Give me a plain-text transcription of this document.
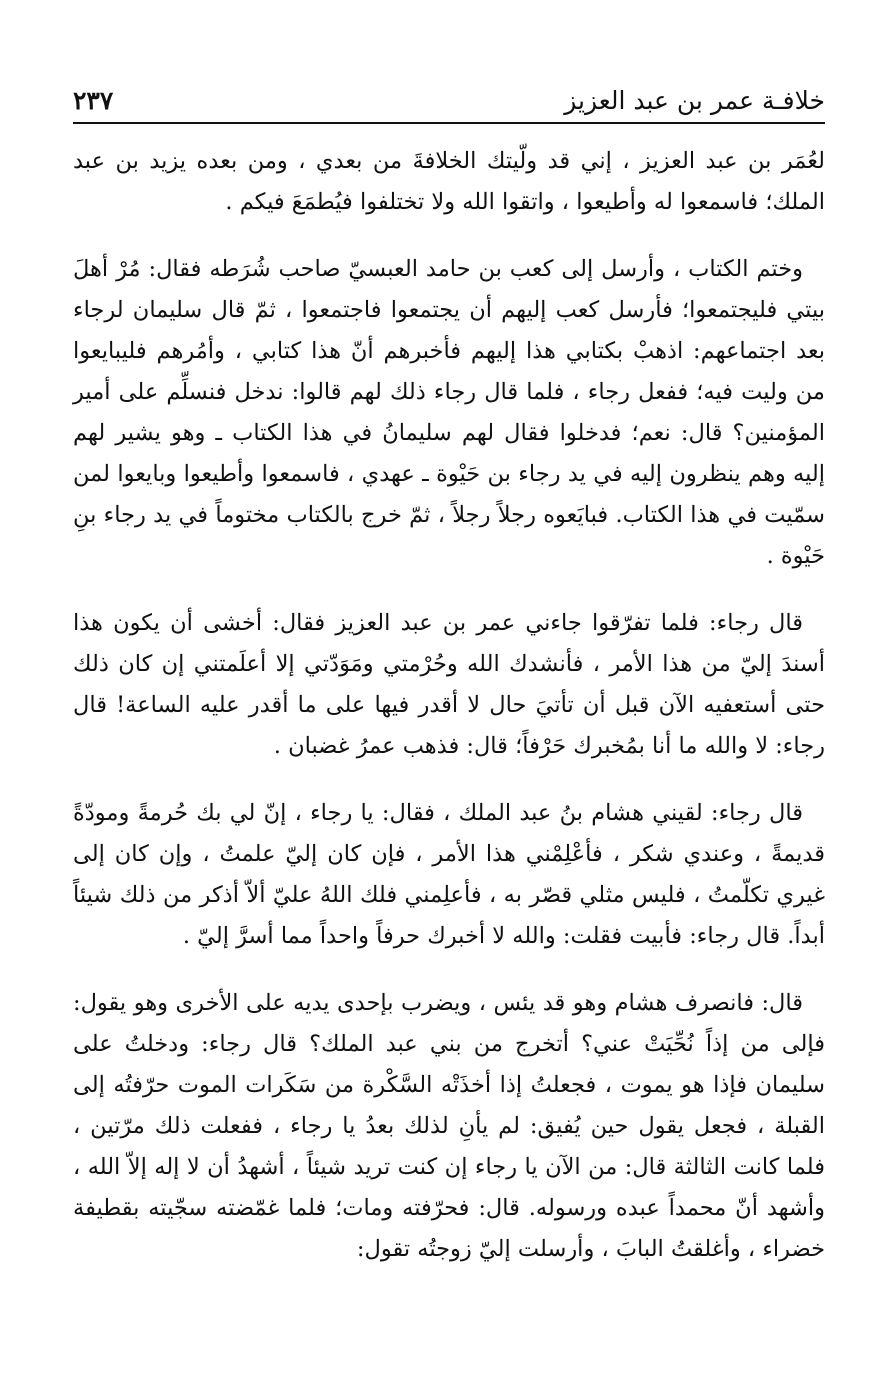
خلافـة عمر بن عبد العزيز
٢٣٧

لعُمَر بن عبد العزيز ، إني قد ولّيتك الخلافةَ من بعدي ، ومن بعده يزيد بن عبد الملك؛ فاسمعوا له وأطيعوا ، واتقوا الله ولا تختلفوا فيُطمَعَ فيكم .

وختم الكتاب ، وأرسل إلى كعب بن حامد العبسيّ صاحب شُرَطه فقال: مُرْ أهلَ بيتي فليجتمعوا؛ فأرسل كعب إليهم أن يجتمعوا فاجتمعوا ، ثمّ قال سليمان لرجاء بعد اجتماعهم: اذهبْ بكتابي هذا إليهم فأخبرهم أنّ هذا كتابي ، وأمُرهم فليبايعوا من وليت فيه؛ ففعل رجاء ، فلما قال رجاء ذلك لهم قالوا: ندخل فنسلِّم على أمير المؤمنين؟ قال: نعم؛ فدخلوا فقال لهم سليمانُ في هذا الكتاب ـ وهو يشير لهم إليه وهم ينظرون إليه في يد رجاء بن حَيْوة ـ عهدي ، فاسمعوا وأطيعوا وبايعوا لمن سمّيت في هذا الكتاب. فبايَعوه رجلاً رجلاً ، ثمّ خرج بالكتاب مختوماً في يد رجاء بنِ حَيْوة .

قال رجاء: فلما تفرّقوا جاءني عمر بن عبد العزيز فقال: أخشى أن يكون هذا أسندَ إليّ من هذا الأمر ، فأنشدك الله وحُرْمتي ومَوَدّتي إلا أعلَمتني إن كان ذلك حتى أستعفيه الآن قبل أن تأتيَ حال لا أقدر فيها على ما أقدر عليه الساعة! قال رجاء: لا والله ما أنا بمُخبرك حَرْفاً؛ قال: فذهب عمرُ غضبان .

قال رجاء: لقيني هشام بنُ عبد الملك ، فقال: يا رجاء ، إنّ لي بك حُرمةً ومودّةً قديمةً ، وعندي شكر ، فأعْلِمْني هذا الأمر ، فإن كان إليّ علمتُ ، وإن كان إلى غيري تكلّمتُ ، فليس مثلي قصّر به ، فأعلِمني فلك اللهُ عليّ ألاّ أذكر من ذلك شيئاً أبداً. قال رجاء: فأبيت فقلت: والله لا أخبرك حرفاً واحداً مما أسرَّ إليّ .

قال: فانصرف هشام وهو قد يئس ، ويضرب بإحدى يديه على الأخرى وهو يقول: فإلى من إذاً نُحِّيَتْ عني؟ أتخرج من بني عبد الملك؟ قال رجاء: ودخلتُ على سليمان فإذا هو يموت ، فجعلتُ إذا أخذَتْه السَّكْرة من سَكَرات الموت حرّفتُه إلى القبلة ، فجعل يقول حين يُفيق: لم يأنِ لذلك بعدُ يا رجاء ، ففعلت ذلك مرّتين ، فلما كانت الثالثة قال: من الآن يا رجاء إن كنت تريد شيئاً ، أشهدُ أن لا إله إلاّ الله ، وأشهد أنّ محمداً عبده ورسوله. قال: فحرّفته ومات؛ فلما غمّضته سجّيته بقطيفة خضراء ، وأغلقتُ البابَ ، وأرسلت إليّ زوجتُه تقول:
